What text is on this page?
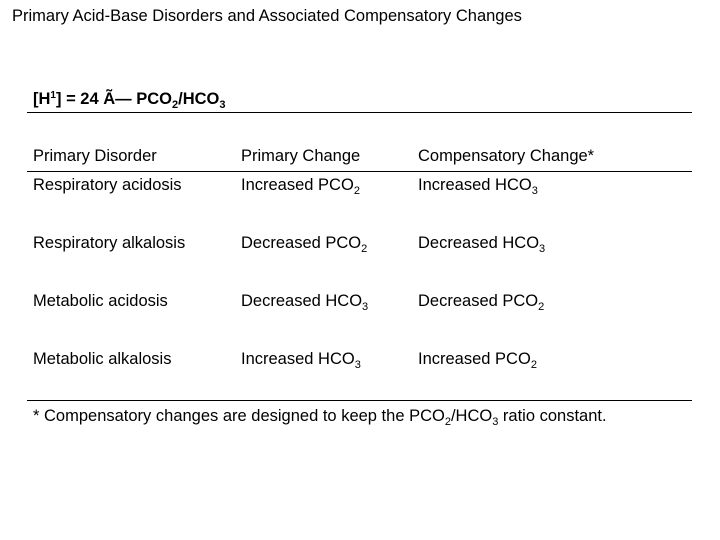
Primary Acid-Base Disorders and Associated Compensatory Changes
$[H^1] = 24$ Ã— $PCO_2/HCO_3$
Primary Disorder	Primary Change	Compensatory Change*
Respiratory acidosis	Increased $PCO_2$	Increased $HCO_3$
Respiratory alkalosis	Decreased $PCO_2$	Decreased $HCO_3$
Metabolic acidosis	Decreased $HCO_3$	Decreased $PCO_2$
Metabolic alkalosis	Increased $HCO_3$	Increased $PCO_2$
* Compensatory changes are designed to keep the $PCO_2/HCO_3$ ratio constant.
